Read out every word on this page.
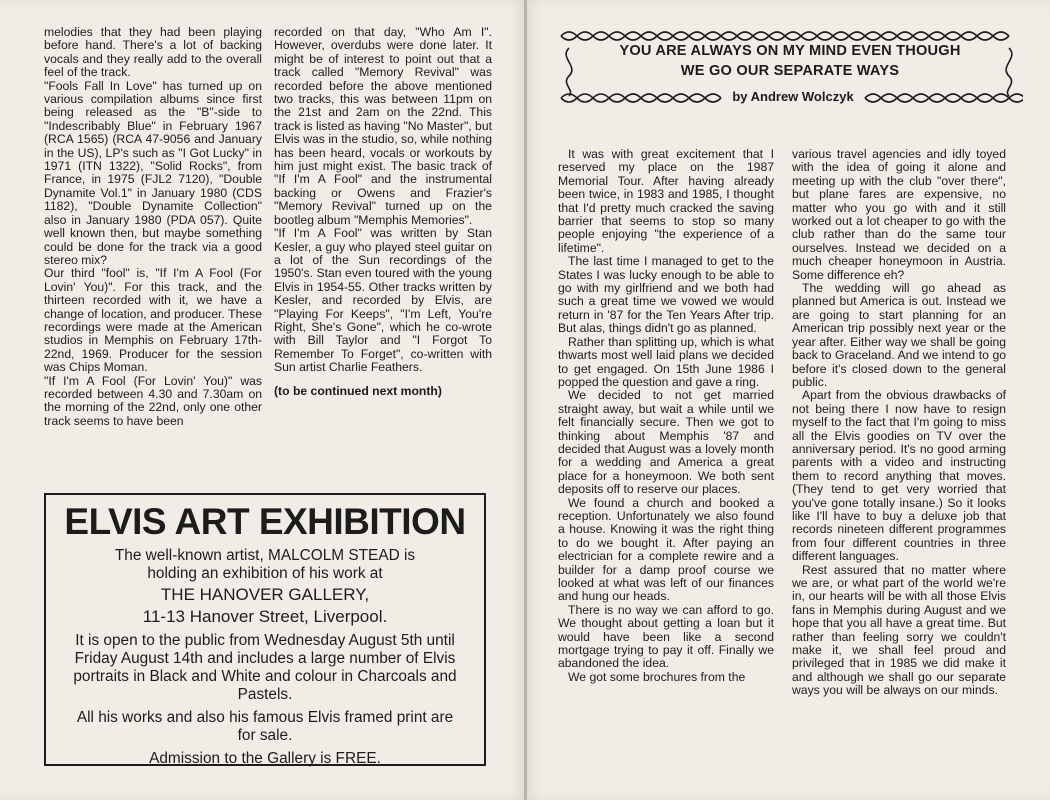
melodies that they had been playing before hand. There's a lot of backing vocals and they really add to the overall feel of the track.

"Fools Fall In Love" has turned up on various compilation albums since first being released as the "B"-side to "Indescribably Blue" in February 1967 (RCA 1565) (RCA 47-9056 and January in the US), LP's such as "I Got Lucky" in 1971 (ITN 1322), "Solid Rocks", from France, in 1975 (FJL2 7120), "Double Dynamite Vol.1" in January 1980 (CDS 1182), "Double Dynamite Collection" also in January 1980 (PDA 057). Quite well known then, but maybe something could be done for the track via a good stereo mix?

Our third "fool" is, "If I'm A Fool (For Lovin' You)". For this track, and the thirteen recorded with it, we have a change of location, and producer. These recordings were made at the American studios in Memphis on February 17th-22nd, 1969. Producer for the session was Chips Moman.

"If I'm A Fool (For Lovin' You)" was recorded between 4.30 and 7.30am on the morning of the 22nd, only one other track seems to have been

recorded on that day, "Who Am I". However, overdubs were done later. It might be of interest to point out that a track called "Memory Revival" was recorded before the above mentioned two tracks, this was between 11pm on the 21st and 2am on the 22nd. This track is listed as having "No Master", but Elvis was in the studio, so, while nothing has been heard, vocals or workouts by him just might exist. The basic track of "If I'm A Fool" and the instrumental backing or Owens and Frazier's "Memory Revival" turned up on the bootleg album "Memphis Memories".

"If I'm A Fool" was written by Stan Kesler, a guy who played steel guitar on a lot of the Sun recordings of the 1950's. Stan even toured with the young Elvis in 1954-55. Other tracks written by Kesler, and recorded by Elvis, are "Playing For Keeps", "I'm Left, You're Right, She's Gone", which he co-wrote with Bill Taylor and "I Forgot To Remember To Forget", co-written with Sun artist Charlie Feathers.

(to be continued next month)

ELVIS ART EXHIBITION

The well-known artist, MALCOLM STEAD is holding an exhibition of his work at

THE HANOVER GALLERY,

11-13 Hanover Street, Liverpool.

It is open to the public from Wednesday August 5th until Friday August 14th and includes a large number of Elvis portraits in Black and White and colour in Charcoals and Pastels.

All his works and also his famous Elvis framed print are for sale.

Admission to the Gallery is FREE.

YOU ARE ALWAYS ON MY MIND EVEN THOUGH
WE GO OUR SEPARATE WAYS
by Andrew Wolczyk

It was with great excitement that I reserved my place on the 1987 Memorial Tour. After having already been twice, in 1983 and 1985, I thought that I'd pretty much cracked the saving barrier that seems to stop so many people enjoying "the experience of a lifetime".

The last time I managed to get to the States I was lucky enough to be able to go with my girlfriend and we both had such a great time we vowed we would return in '87 for the Ten Years After trip. But alas, things didn't go as planned.

Rather than splitting up, which is what thwarts most well laid plans we decided to get engaged. On 15th June 1986 I popped the question and gave a ring.

We decided to not get married straight away, but wait a while until we felt financially secure. Then we got to thinking about Memphis '87 and decided that August was a lovely month for a wedding and America a great place for a honeymoon. We both sent deposits off to reserve our places.

We found a church and booked a reception. Unfortunately we also found a house. Knowing it was the right thing to do we bought it. After paying an electrician for a complete rewire and a builder for a damp proof course we looked at what was left of our finances and hung our heads.

There is no way we can afford to go. We thought about getting a loan but it would have been like a second mortgage trying to pay it off. Finally we abandoned the idea.

We got some brochures from the

various travel agencies and idly toyed with the idea of going it alone and meeting up with the club "over there", but plane fares are expensive, no matter who you go with and it still worked out a lot cheaper to go with the club rather than do the same tour ourselves. Instead we decided on a much cheaper honeymoon in Austria. Some difference eh?

The wedding will go ahead as planned but America is out. Instead we are going to start planning for an American trip possibly next year or the year after. Either way we shall be going back to Graceland. And we intend to go before it's closed down to the general public.

Apart from the obvious drawbacks of not being there I now have to resign myself to the fact that I'm going to miss all the Elvis goodies on TV over the anniversary period. It's no good arming parents with a video and instructing them to record anything that moves. (They tend to get very worried that you've gone totally insane.) So it looks like I'll have to buy a deluxe job that records nineteen different programmes from four different countries in three different languages.

Rest assured that no matter where we are, or what part of the world we're in, our hearts will be with all those Elvis fans in Memphis during August and we hope that you all have a great time. But rather than feeling sorry we couldn't make it, we shall feel proud and privileged that in 1985 we did make it and although we shall go our separate ways you will be always on our minds.
